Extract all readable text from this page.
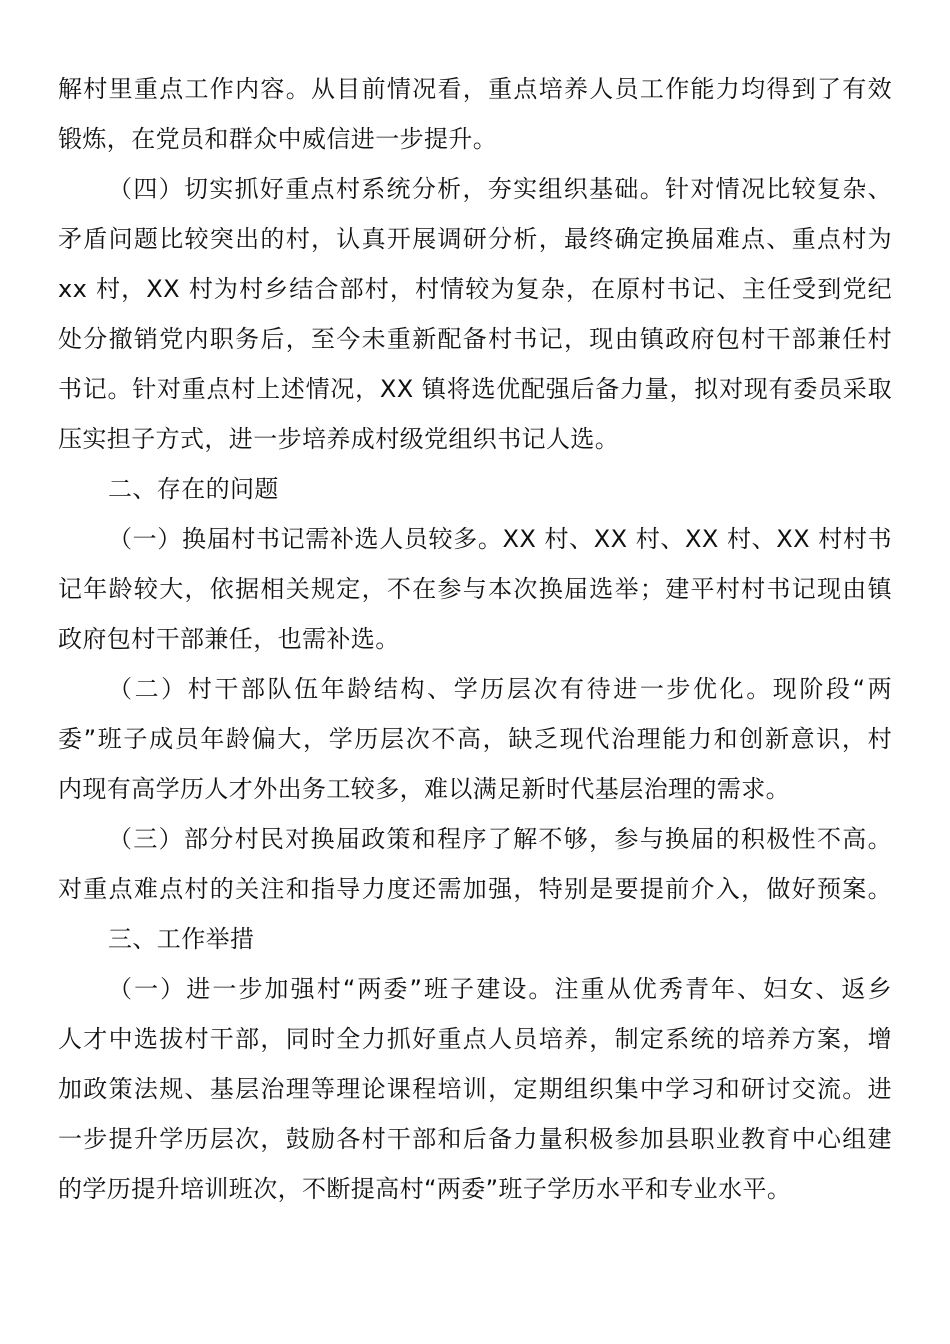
解村里重点工作内容。从目前情况看，重点培养人员工作能力均得到了有效
锻炼，在党员和群众中威信进一步提升。
（四）切实抓好重点村系统分析，夯实组织基础。针对情况比较复杂、
矛盾问题比较突出的村，认真开展调研分析，最终确定换届难点、重点村为
xx 村，XX 村为村乡结合部村，村情较为复杂，在原村书记、主任受到党纪
处分撤销党内职务后，至今未重新配备村书记，现由镇政府包村干部兼任村
书记。针对重点村上述情况，XX 镇将选优配强后备力量，拟对现有委员采取
压实担子方式，进一步培养成村级党组织书记人选。
二、存在的问题
（一）换届村书记需补选人员较多。XX 村、XX 村、XX 村、XX 村村书
记年龄较大，依据相关规定，不在参与本次换届选举；建平村村书记现由镇
政府包村干部兼任，也需补选。
（二）村干部队伍年龄结构、学历层次有待进一步优化。现阶段“两
委”班子成员年龄偏大，学历层次不高，缺乏现代治理能力和创新意识，村
内现有高学历人才外出务工较多，难以满足新时代基层治理的需求。
（三）部分村民对换届政策和程序了解不够，参与换届的积极性不高。
对重点难点村的关注和指导力度还需加强，特别是要提前介入，做好预案。
三、工作举措
（一）进一步加强村“两委”班子建设。注重从优秀青年、妇女、返乡
人才中选拔村干部，同时全力抓好重点人员培养，制定系统的培养方案，增
加政策法规、基层治理等理论课程培训，定期组织集中学习和研讨交流。进
一步提升学历层次，鼓励各村干部和后备力量积极参加县职业教育中心组建
的学历提升培训班次，不断提高村“两委”班子学历水平和专业水平。
